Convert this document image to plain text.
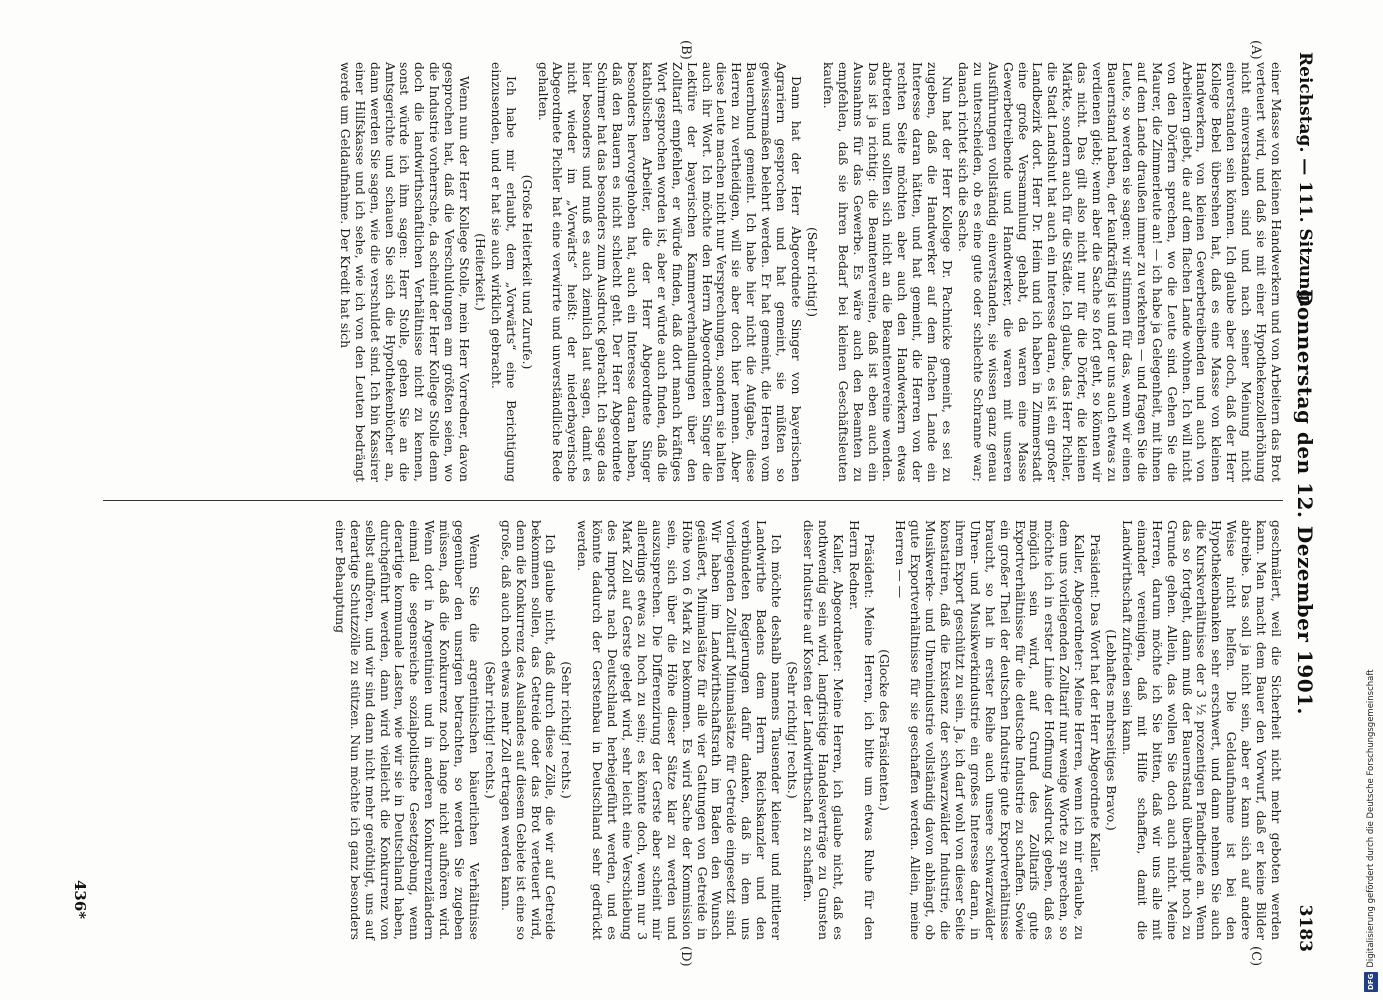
Reichstag. — 111. Sitzung.
Donnerstag den 12. Dezember 1901.
3183
(A)
(B)
(C)
(D)

einer Masse von kleinen Handwerkern und von Arbeitern das Brot verteuert wird, und daß sie mit einer Hypothekenzollerhöhung nicht einverstanden sind und nach seiner Meinung nicht einverstanden sein können. Ich glaube aber doch, daß der Herr Kollege Bebel übersehen hat, daß es eine Masse von kleinen Handwerkern, von kleinen Gewerbetreibenden und auch von Arbeitern giebt, die auf dem flachen Lande wohnen. Ich will nicht von den Dörfern sprechen, wo die Leute sind. Gehen Sie die Maurer, die Zimmerleute an! — ich habe ja Gelegenheit, mit ihnen auf dem Lande draußen immer zu verkehren — und fragen Sie die Leute, so werden sie sagen: wir stimmen für das, wenn wir einen Bauernstand haben, der kaufkräftig ist und der uns auch etwas zu verdienen giebt; wenn aber die Sache so fort geht, so können wir das nicht. Das gilt also nicht nur für die Dörfer, die kleinen Märkte, sondern auch für die Städte. Ich glaube, das Herr Pichler, die Stadt Landshut hat auch ein Interesse daran, es ist ein großer Landbezirk dort. Herr Dr. Heim und ich haben in Zimmerstadt eine große Versammlung gehabt, da waren eine Masse Gewerbetreibende und Handwerker, die waren mit unseren Ausführungen vollständig einverstanden, sie wissen ganz genau zu unterscheiden, ob es eine gute oder schlechte Schranne war; danach richtet sich die Sache.

Nun hat der Herr Kollege Dr. Pachnicke gemeint, es sei zu zugeben, daß die Handwerker auf dem flachen Lande ein Interesse daran hätten, und hat gemeint, die Herren von der rechten Seite möchten aber auch den Handwerkern etwas abtreten und sollten sich nicht an die Beamtenvereine wenden. Das ist ja richtig: die Beamtenvereine, daß ist eben auch ein Ausnahms für das Gewerbe. Es wäre auch den Beamten zu empfehlen, daß sie ihren Bedarf bei kleinen Geschäftsleuten kaufen.

(Sehr richtig!)

Dann hat der Herr Abgeordnete Singer von bayerischen Agrariern gesprochen und hat gemeint, sie müßten so gewissermaßen belehrt werden. Er hat gemeint, die Herren vom Bauernbund gemeint. Ich habe hier nicht die Aufgabe, diese Herren zu vertheidigen, will sie aber doch hier nennen. Aber diese Leute machen nicht nur Versprechungen, sondern sie halten auch ihr Wort. Ich möchte den Herrn Abgeordneten Singer die Lektüre der bayerischen Kammerverhandlungen über den Zolltarif empfehlen, er würde finden, daß dort manch kräftiges Wort gesprochen worden ist, aber er würde auch finden, daß die katholischen Arbeiter, die der Herr Abgeordnete Singer besonders hervorgehoben hat, auch ein Interesse daran haben, daß den Bauern es nicht schlecht geht. Der Herr Abgeordnete Schirmer hat das besonders zum Ausdruck gebracht. Ich sage das hier besonders und muß es auch ziemlich laut sagen, damit es nicht wieder im „Vorwärts“ heißt: der niederbayerische Abgeordnete Pichler hat eine verwirrte und unverständliche Rede gehalten.

(Große Heiterkeit und Zurufe.)

Ich habe mir erlaubt, dem „Vorwärts“ eine Berichtigung einzusenden, und er hat sie auch wirklich gebracht.

(Heiterkeit.)

Wenn nun der Herr Kollege Stolle, mein Herr Vorredner, davon gesprochen hat, daß die Verschuldungen am größten seien, wo die Industrie vorherrsche, da scheint der Herr Kollege Stolle denn doch die landwirthschaftlichen Verhältnisse nicht zu kennen, sonst würde ich ihm sagen: Herr Stolle, gehen Sie an die Amtsgerichte und schauen Sie sich die Hypothekenbücher an, dann werden Sie sagen, wie die verschuldet sind. Ich bin Kassirer einer Hilfskasse und ich sehe, wie ich von den Leuten bedrängt werde um Geldaufnahme. Der Kredit hat sich

geschmälert, weil die Sicherheit nicht mehr geboten werden kann. Man macht dem Bauer den Vorwurf, daß er keine Bilder abtreibe. Das soll ja nicht sein, aber er kann sich auf andere Weise nicht helfen. Die Geldaufnahme ist bei den Hypothekenbanken sehr erschwert, und dann nehmen Sie auch die Kurskverhältnisse der 3 ½ prozentigen Pfandbriefe an. Wenn das so fortgeht, dann muß der Bauernstand überhaupt noch zu Grunde gehen. Allein, das wollen Sie doch auch nicht. Meine Herren, darum möchte ich Sie bitten, daß wir uns alle mit einander vereinigen, daß mit Hilfe schaffen, damit die Landwirthschaft zufrieden sein kann.

(Lebhaftes mehrseitiges Bravo.)

Präsident: Das Wort hat der Herr Abgeordnete Kaller.

Kaller, Abgeordneter: Meine Herren, wenn ich mir erlaube, zu dem uns vorliegenden Zolltarif nur wenige Worte zu sprechen, so möchte ich in erster Linie der Hoffnung Ausdruck geben, daß es möglich sein wird, auf Grund des Zolltarifs gute Exportverhältnisse für die deutsche Industrie zu schaffen. Sowie ein großer Theil der deutschen Industrie gute Exportverhältnisse braucht, so hat in erster Reihe auch unsere schwarzwälder Uhren- und Musikwerkindustrie ein großes Interesse daran, in ihrem Export geschützt zu sein. Ja, ich darf wohl von dieser Seite konstatiren, daß die Existenz der schwarzwälder Industrie, die Musikwerke- und Uhrenindustrie vollständig davon abhängt, ob gute Exportverhältnisse für sie geschaffen werden. Allein, meine Herren — —

(Glocke des Präsidenten.)

Präsident: Meine Herren, ich bitte um etwas Ruhe für den Herrn Redner.

Kaller, Abgeordneter: Meine Herren, ich glaube nicht, daß es nothwendig sein wird, langfristige Handelsverträge zu Gunsten dieser Industrie auf Kosten der Landwirthschaft zu schaffen.

(Sehr richtig! rechts.)

Ich möchte deshalb namens Tausender kleiner und mittlerer Landwirthe Badens dem Herrn Reichskanzler und den verbündeten Regierungen dafür danken, daß in dem uns vorliegenden Zolltarif Minimalsätze für Getreide eingesetzt sind. Wir haben im Landwirthschaftsrath im Baden den Wunsch geäußert, Minimalsätze für alle vier Gattungen von Getreide in Höhe von 6 Mark zu bekommen. Es wird Sache der Kommission sein, sich über die Höhe dieser Sätze klar zu werden und auszusprechen. Die Differenzirung der Gerste aber scheint mir allerdings etwas zu hoch zu sein; es könnte doch, wenn nur 3 Mark Zoll auf Gerste gelegt wird, sehr leicht eine Verschiebung des Imports nach Deutschland herbeigeführt werden, und es könnte dadurch der Gerstenbau in Deutschland sehr gedrückt werden.

(Sehr richtig! rechts.)

Ich glaube nicht, daß durch diese Zölle, die wir auf Getreide bekommen sollen, das Getreide oder das Brot verteuert wird, denn die Konkurrenz des Auslandes auf diesem Gebiete ist eine so große, daß auch noch etwas mehr Zoll ertragen werden kann.

(Sehr richtig! rechts.)

Wenn Sie die argentinischen bäuerlichen Verhältnisse gegenüber den unsrigen betrachten, so werden Sie zugeben müssen, daß die Konkurrenz noch lange nicht aufhören wird. Wenn dort in Argentinien und in anderen Konkurrenzländern einmal die segensreiche sozialpolitische Gesetzgebung, wenn derartige kommunale Lasten, wie wir sie in Deutschland haben, durchgeführt werden, dann wird vielleicht die Konkurrenz von selbst aufhören, und wir sind dann nicht mehr genöthigt, uns auf derartige Schutzzölle zu stützen. Nun möchte ich ganz besonders einer Behauptung

436*
DFGDigitalisierung gefördert durch die Deutsche Forschungsgemeinschaft
